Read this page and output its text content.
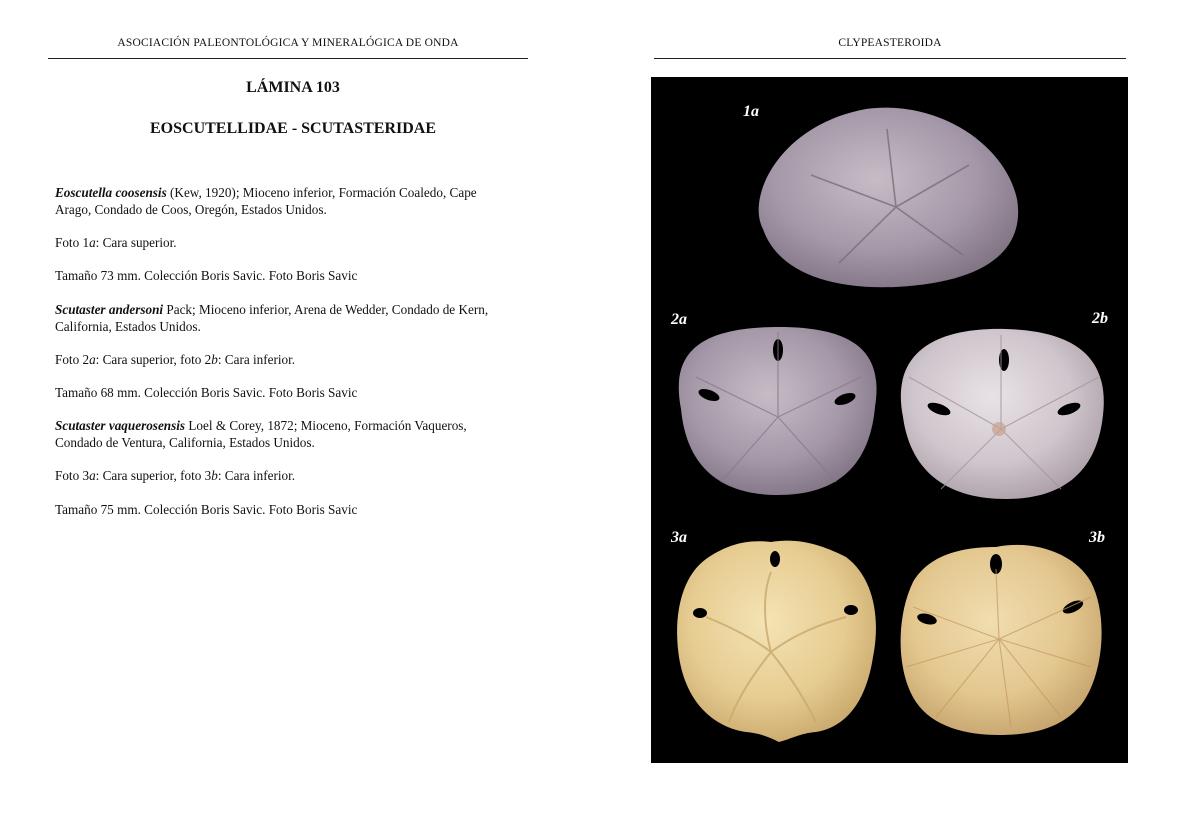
ASOCIACIÓN PALEONTOLÓGICA Y MINERALÓGICA DE ONDA	CLYPEASTEROIDA
LÁMINA 103
EOSCUTELLIDAE - SCUTASTERIDAE
Eoscutella coosensis (Kew, 1920); Mioceno inferior, Formación Coaledo, Cape
Arago, Condado de Coos, Oregón, Estados Unidos.
Foto 1a: Cara superior.
Tamaño 73 mm. Colección Boris Savic. Foto Boris Savic
Scutaster andersoni Pack; Mioceno inferior, Arena de Wedder, Condado de Kern,
California, Estados Unidos.
Foto 2a: Cara superior, foto 2b: Cara inferior.
Tamaño 68 mm. Colección Boris Savic. Foto Boris Savic
Scutaster vaquerosensis Loel & Corey, 1872; Mioceno, Formación Vaqueros,
Condado de Ventura, California, Estados Unidos.
Foto 3a: Cara superior, foto 3b: Cara inferior.
Tamaño 75 mm. Colección Boris Savic. Foto Boris Savic
1a
2a	2b
3a	3b
